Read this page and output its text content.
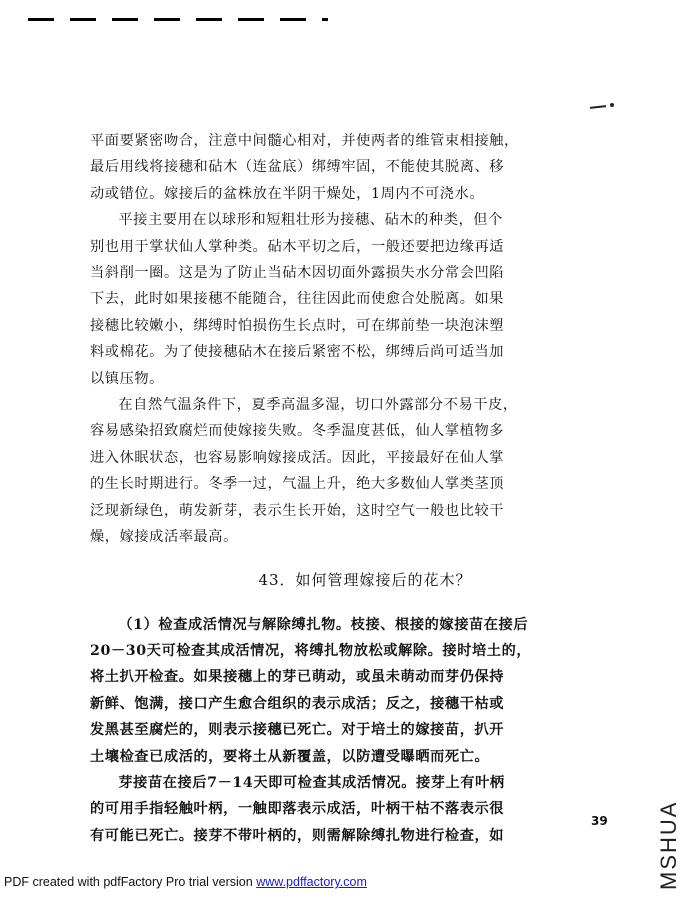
平面要紧密吻合，注意中间髓心相对，并使两者的维管束相接触，
最后用线将接穗和砧木（连盆底）绑缚牢固，不能使其脱离、移
动或错位。嫁接后的盆株放在半阴干燥处，1周内不可浇水。

平接主要用在以球形和短粗壮形为接穗、砧木的种类，但个
别也用于掌状仙人掌种类。砧木平切之后，一般还要把边缘再适
当斜削一圈。这是为了防止当砧木因切面外露损失水分常会凹陷
下去，此时如果接穗不能随合，往往因此而使愈合处脱离。如果
接穗比较嫩小，绑缚时怕损伤生长点时，可在绑前垫一块泡沫塑
料或棉花。为了使接穗砧木在接后紧密不松，绑缚后尚可适当加
以镇压物。

在自然气温条件下，夏季高温多湿，切口外露部分不易干皮，
容易感染招致腐烂而使嫁接失败。冬季温度甚低，仙人掌植物多
进入休眠状态，也容易影响嫁接成活。因此，平接最好在仙人掌
的生长时期进行。冬季一过，气温上升，绝大多数仙人掌类茎顶
泛现新绿色，萌发新芽，表示生长开始，这时空气一般也比较干
燥，嫁接成活率最高。

43．如何管理嫁接后的花木？

（1）检查成活情况与解除缚扎物。枝接、根接的嫁接苗在接后
20－30天可检查其成活情况，将缚扎物放松或解除。接时培土的，
将土扒开检查。如果接穗上的芽已萌动，或虽未萌动而芽仍保持
新鲜、饱满，接口产生愈合组织的表示成活；反之，接穗干枯或
发黑甚至腐烂的，则表示接穗已死亡。对于培土的嫁接苗，扒开
土壤检查已成活的，要将土从新覆盖，以防遭受曝晒而死亡。

芽接苗在接后7－14天即可检查其成活情况。接芽上有叶柄
的可用手指轻触叶柄，一触即落表示成活，叶柄干枯不落表示很
有可能已死亡。接芽不带叶柄的，则需解除缚扎物进行检查，如

39
PDF created with pdfFactory Pro trial version www.pdffactory.com	MSHUA
